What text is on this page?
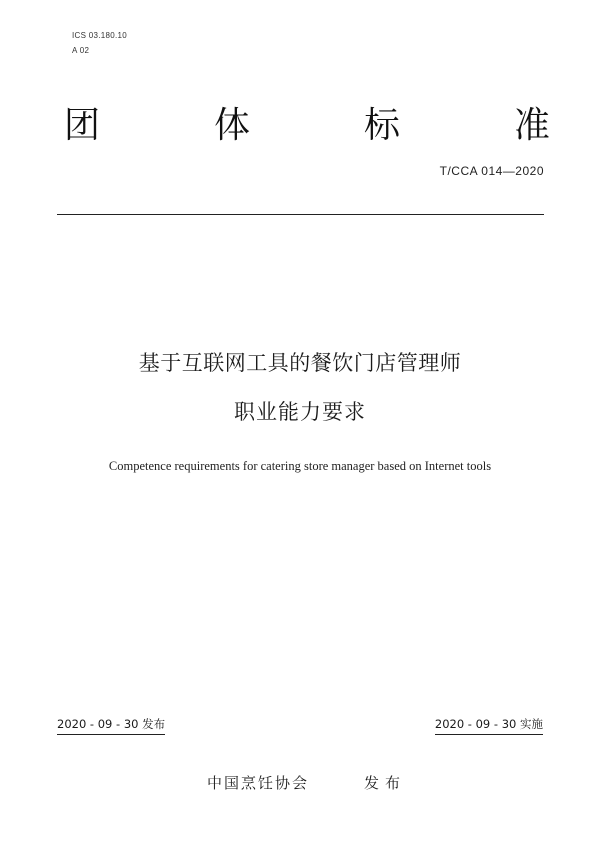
ICS 03.180.10
A 02
团	体	标	准
T/CCA 014—2020
基于互联网工具的餐饮门店管理师
职业能力要求
Competence requirements for catering store manager based on Internet tools
2020 - 09 - 30 发布	2020 - 09 - 30 实施
中国烹饪协会	发布
